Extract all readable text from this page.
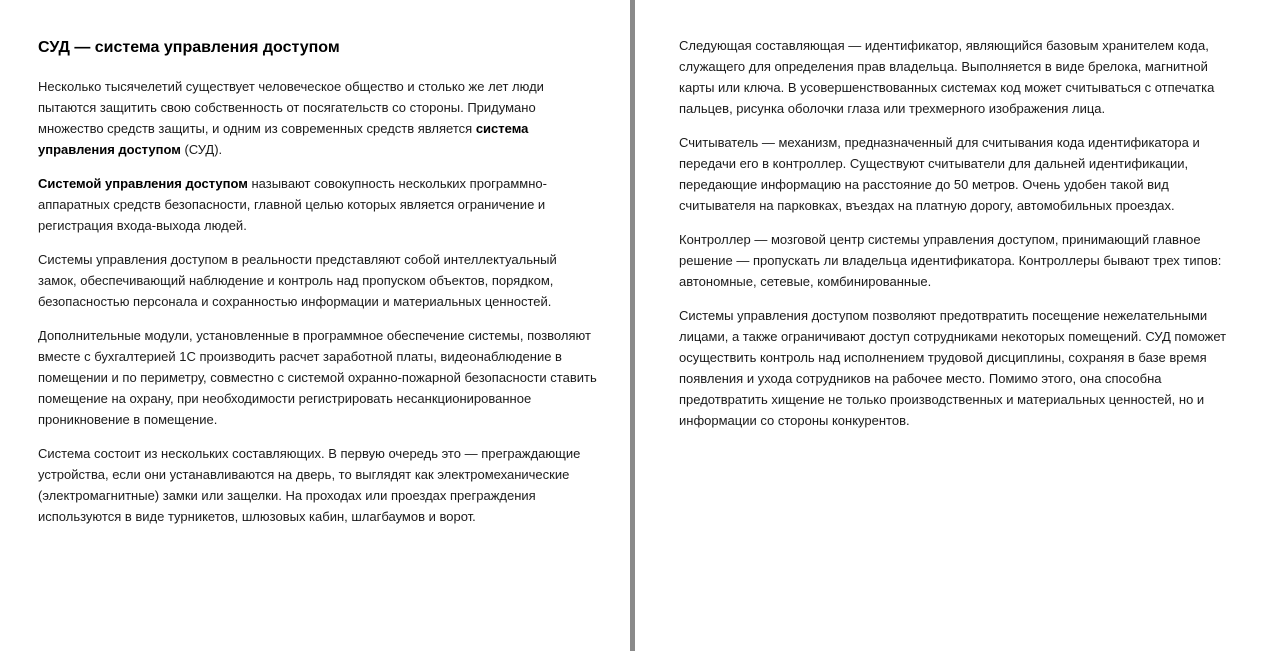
СУД — система управления доступом

Несколько тысячелетий существует человеческое общество и столько же лет люди пытаются защитить свою собственность от посягательств со стороны. Придумано множество средств защиты, и одним из современных средств является система управления доступом (СУД).

Системой управления доступом называют совокупность нескольких программно-аппаратных средств безопасности, главной целью которых является ограничение и регистрация входа-выхода людей.

Системы управления доступом в реальности представляют собой интеллектуальный замок, обеспечивающий наблюдение и контроль над пропуском объектов, порядком, безопасностью персонала и сохранностью информации и материальных ценностей.

Дополнительные модули, установленные в программное обеспечение системы, позволяют вместе с бухгалтерией 1С производить расчет заработной платы, видеонаблюдение в помещении и по периметру, совместно с системой охранно-пожарной безопасности ставить помещение на охрану, при необходимости регистрировать несанкционированное проникновение в помещение.

Система состоит из нескольких составляющих. В первую очередь это — преграждающие устройства, если они устанавливаются на дверь, то выглядят как электромеханические (электромагнитные) замки или защелки. На проходах или проездах преграждения используются в виде турникетов, шлюзовых кабин, шлагбаумов и ворот.

Следующая составляющая — идентификатор, являющийся базовым хранителем кода, служащего для определения прав владельца. Выполняется в виде брелока, магнитной карты или ключа. В усовершенствованных системах код может считываться с отпечатка пальцев, рисунка оболочки глаза или трехмерного изображения лица.

Считыватель — механизм, предназначенный для считывания кода идентификатора и передачи его в контроллер. Существуют считыватели для дальней идентификации, передающие информацию на расстояние до 50 метров. Очень удобен такой вид считывателя на парковках, въездах на платную дорогу, автомобильных проездах.

Контроллер — мозговой центр системы управления доступом, принимающий главное решение — пропускать ли владельца идентификатора. Контроллеры бывают трех типов: автономные, сетевые, комбинированные.

Системы управления доступом позволяют предотвратить посещение нежелательными лицами, а также ограничивают доступ сотрудниками некоторых помещений. СУД поможет осуществить контроль над исполнением трудовой дисциплины, сохраняя в базе время появления и ухода сотрудников на рабочее место. Помимо этого, она способна предотвратить хищение не только производственных и материальных ценностей, но и информации со стороны конкурентов.
